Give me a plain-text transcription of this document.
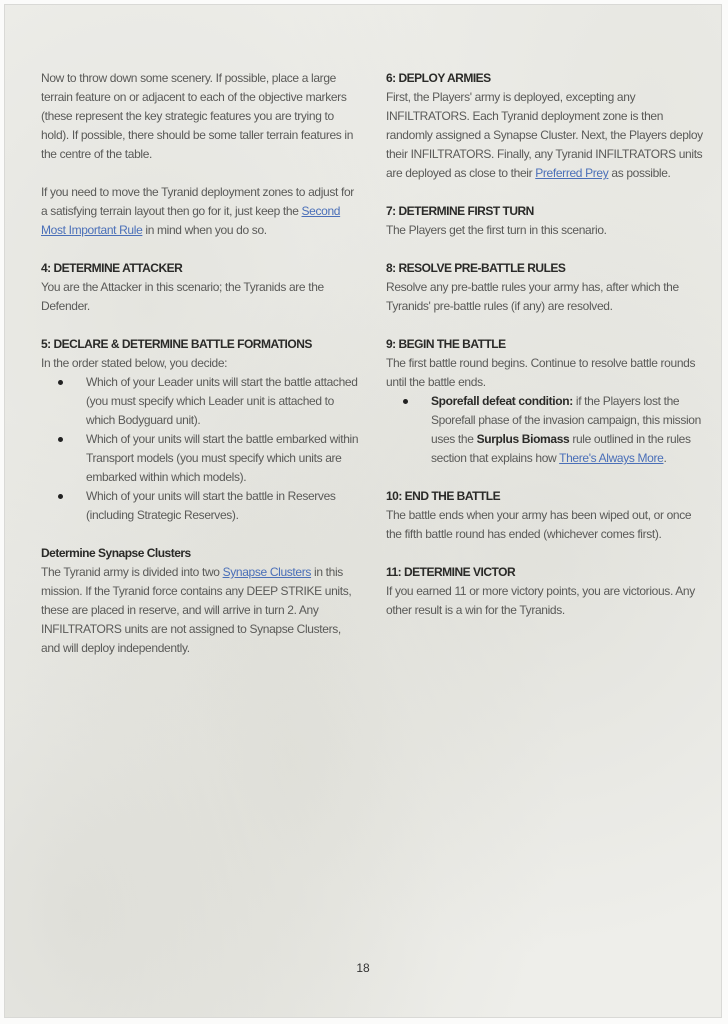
Now to throw down some scenery. If possible, place a large terrain feature on or adjacent to each of the objective markers (these represent the key strategic features you are trying to hold). If possible, there should be some taller terrain features in the centre of the table.

If you need to move the Tyranid deployment zones to adjust for a satisfying terrain layout then go for it, just keep the Second Most Important Rule in mind when you do so.

4: DETERMINE ATTACKER

You are the Attacker in this scenario; the Tyranids are the Defender.

5: DECLARE & DETERMINE BATTLE FORMATIONS
In the order stated below, you decide:
Which of your Leader units will start the battle attached (you must specify which Leader unit is attached to which Bodyguard unit).
Which of your units will start the battle embarked within Transport models (you must specify which units are embarked within which models).
Which of your units will start the battle in Reserves (including Strategic Reserves).
Determine Synapse Clusters

The Tyranid army is divided into two Synapse Clusters in this mission. If the Tyranid force contains any DEEP STRIKE units, these are placed in reserve, and will arrive in turn 2. Any INFILTRATORS units are not assigned to Synapse Clusters, and will deploy independently.

6: DEPLOY ARMIES

First, the Players' army is deployed, excepting any INFILTRATORS. Each Tyranid deployment zone is then randomly assigned a Synapse Cluster. Next, the Players deploy their INFILTRATORS. Finally, any Tyranid INFILTRATORS units are deployed as close to their Preferred Prey as possible.

7: DETERMINE FIRST TURN

The Players get the first turn in this scenario.

8: RESOLVE PRE-BATTLE RULES

Resolve any pre-battle rules your army has, after which the Tyranids' pre-battle rules (if any) are resolved.

9: BEGIN THE BATTLE
The first battle round begins. Continue to resolve battle rounds until the battle ends.
Sporefall defeat condition: if the Players lost the Sporefall phase of the invasion campaign, this mission uses the Surplus Biomass rule outlined in the rules section that explains how There's Always More.
10: END THE BATTLE

The battle ends when your army has been wiped out, or once the fifth battle round has ended (whichever comes first).

11: DETERMINE VICTOR

If you earned 11 or more victory points, you are victorious. Any other result is a win for the Tyranids.

18
